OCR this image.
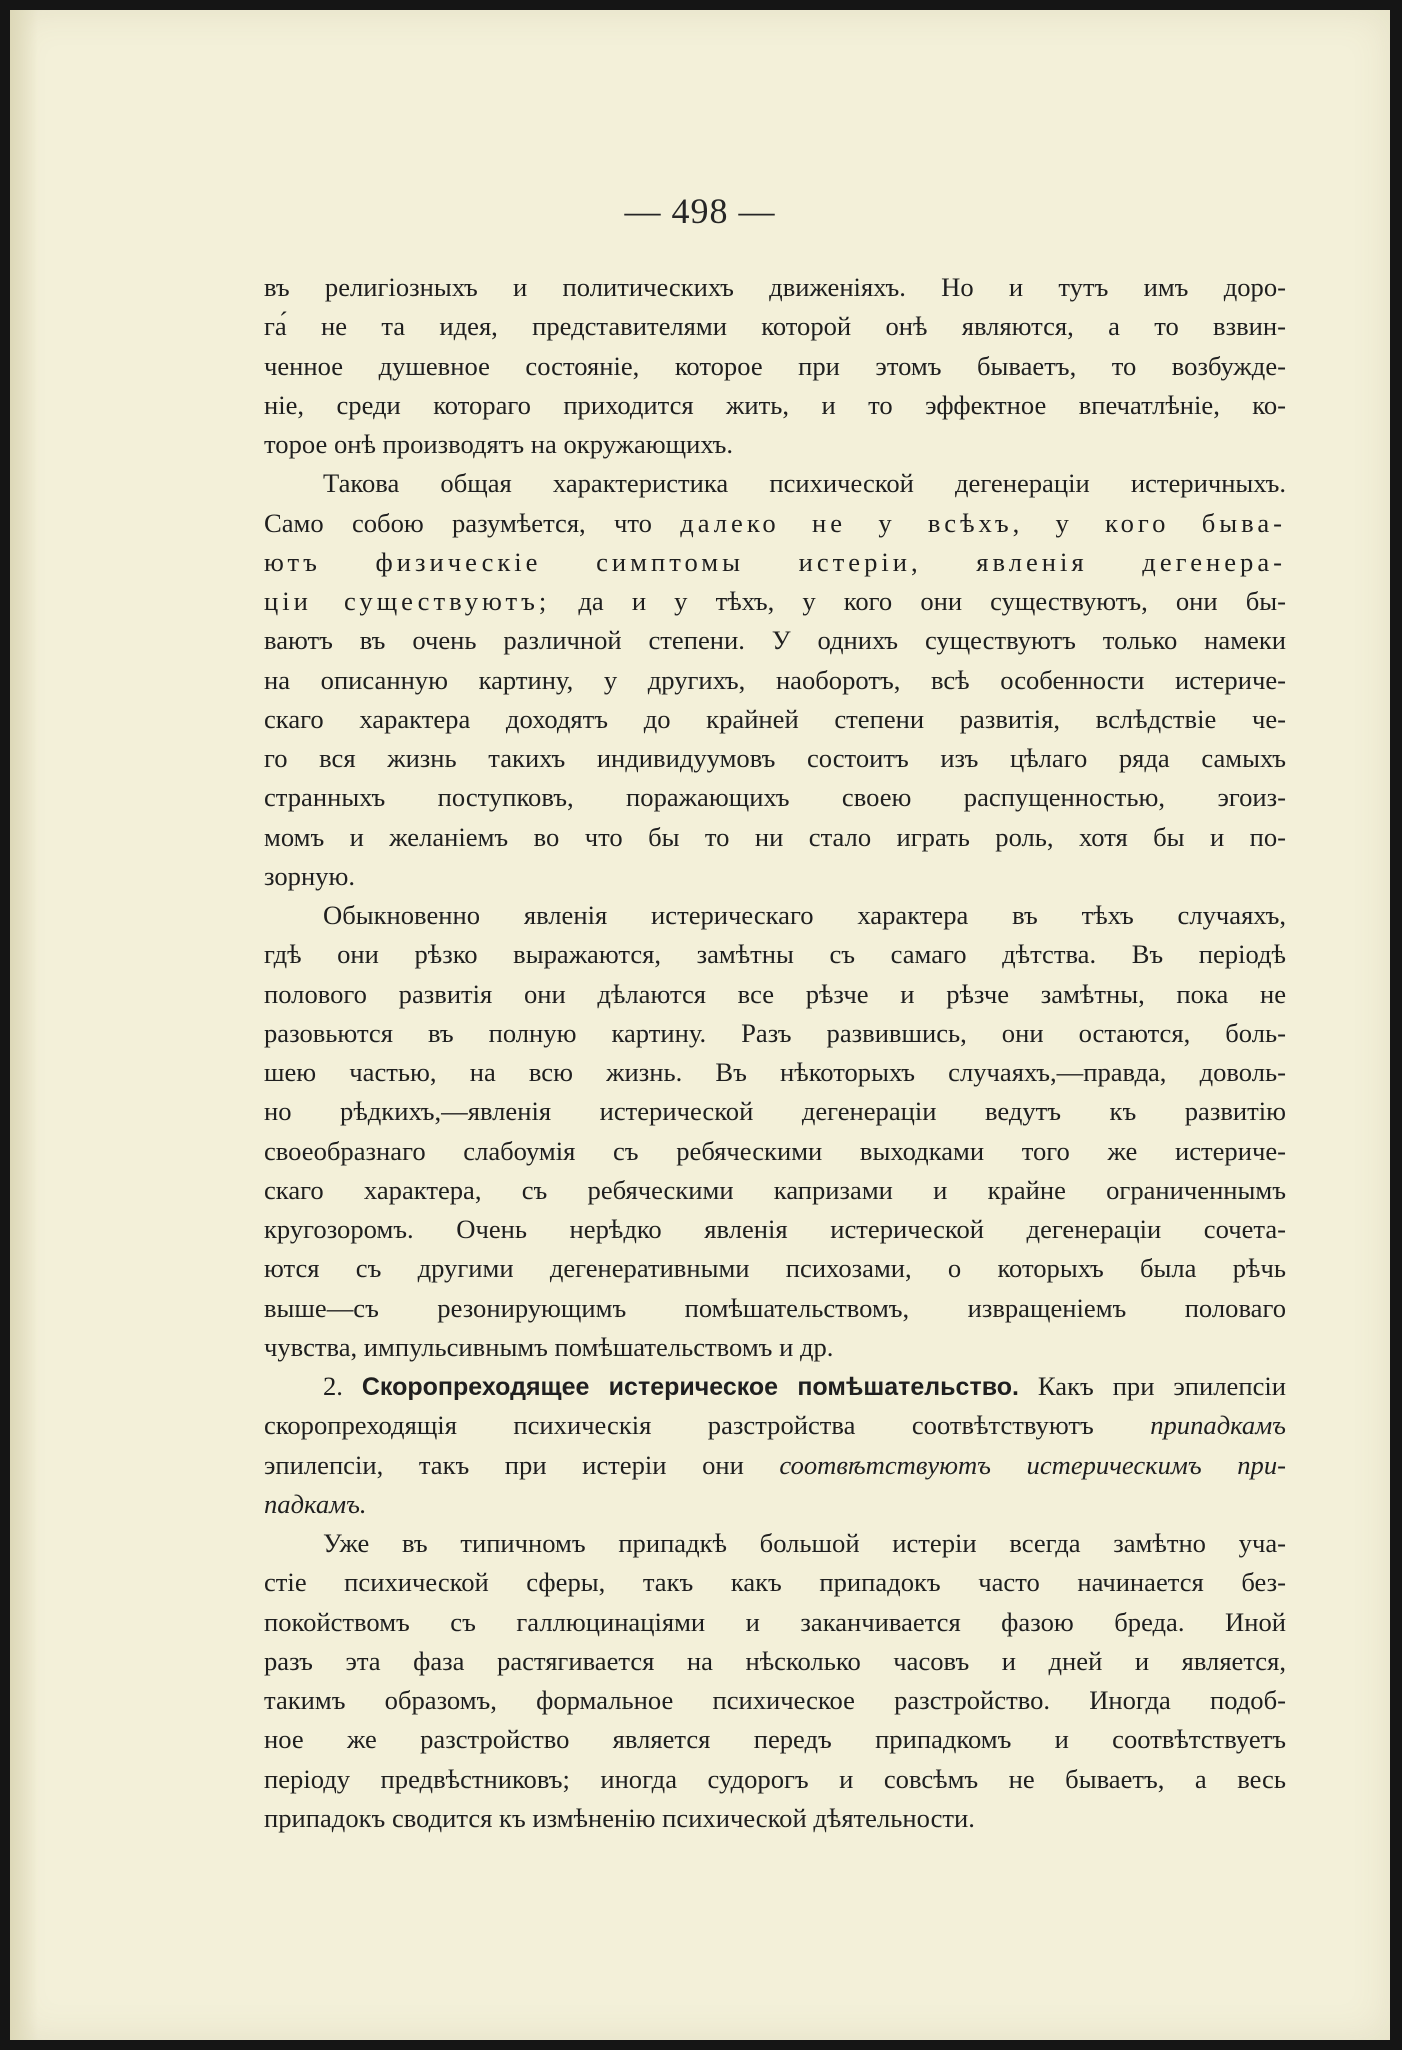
— 498 —
въ религіозныхъ и политическихъ движеніяхъ. Но и тутъ имъ доро-
га́ не та идея, представителями которой онѣ являются, а то взвин-
ченное душевное состояніе, которое при этомъ бываетъ, то возбужде-
ніе, среди котораго приходится жить, и то эффектное впечатлѣніе, ко-
торое онѣ производятъ на окружающихъ.
Такова общая характеристика психической дегенераціи истеричныхъ.
Само собою разумѣется, что далеко не у всѣхъ, у кого быва-
ютъ физическіе симптомы истеріи, явленія дегенера-
ціи существуютъ; да и у тѣхъ, у кого они существуютъ, они бы-
ваютъ въ очень различной степени. У однихъ существуютъ только намеки
на описанную картину, у другихъ, наоборотъ, всѣ особенности истериче-
скаго характера доходятъ до крайней степени развитія, вслѣдствіе че-
го вся жизнь такихъ индивидуумовъ состоитъ изъ цѣлаго ряда самыхъ
странныхъ поступковъ, поражающихъ своею распущенностью, эгоиз-
момъ и желаніемъ во что бы то ни стало играть роль, хотя бы и по-
зорную.
Обыкновенно явленія истерическаго характера въ тѣхъ случаяхъ,
гдѣ они рѣзко выражаются, замѣтны съ самаго дѣтства. Въ періодѣ
полового развитія они дѣлаются все рѣзче и рѣзче замѣтны, пока не
разовьются въ полную картину. Разъ развившись, они остаются, боль-
шею частью, на всю жизнь. Въ нѣкоторыхъ случаяхъ,—правда, доволь-
но рѣдкихъ,—явленія истерической дегенераціи ведутъ къ развитію
своеобразнаго слабоумія съ ребяческими выходками того же истериче-
скаго характера, съ ребяческими капризами и крайне ограниченнымъ
кругозоромъ. Очень нерѣдко явленія истерической дегенераціи сочета-
ются съ другими дегенеративными психозами, о которыхъ была рѣчь
выше—съ резонирующимъ помѣшательствомъ, извращеніемъ половаго
чувства, импульсивнымъ помѣшательствомъ и др.
2. Скоропреходящее истерическое помѣшательство. Какъ при эпилепсіи
скоропреходящія психическія разстройства соотвѣтствуютъ припадкамъ
эпилепсіи, такъ при истеріи они соотвѣтствуютъ истерическимъ при-
падкамъ.
Уже въ типичномъ припадкѣ большой истеріи всегда замѣтно уча-
стіе психической сферы, такъ какъ припадокъ часто начинается без-
покойствомъ съ галлюцинаціями и заканчивается фазою бреда. Иной
разъ эта фаза растягивается на нѣсколько часовъ и дней и является,
такимъ образомъ, формальное психическое разстройство. Иногда подоб-
ное же разстройство является передъ припадкомъ и соотвѣтствуетъ
періоду предвѣстниковъ; иногда судорогъ и совсѣмъ не бываетъ, а весь
припадокъ сводится къ измѣненію психической дѣятельности.
